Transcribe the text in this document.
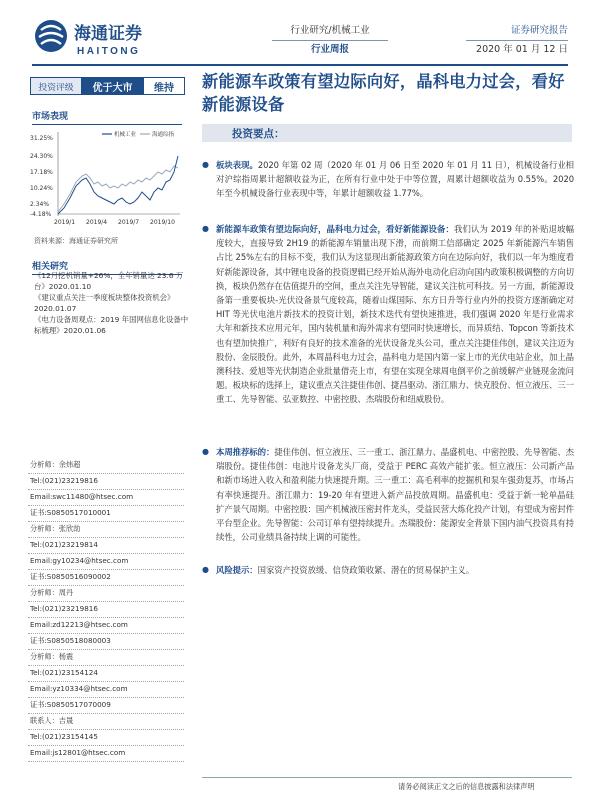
海通证券
HAITONG
行业研究/机械工业
行业周报
证券研究报告
2020 年 01 月 12 日
投资评级	优于大市	维持	新能源车政策有望边际向好，晶科电力过会，看好新能源设备
市场表现
31.25%
24.30%
17.18%
10.24%
2.34%
-4.18%
2019/1 2019/4 2019/7 2019/10
机械工业	海通综指
资料来源：海通证券研究所
相关研究
《12月挖机销量+26%，全年销量达 23.6 万台》2020.01.10
《建议重点关注一季度板块整体投资机会》2020.01.07
《电力设备周观点：2019 年国网信息化设备中标梳理》2020.01.06
分析师：余炜超
Tel:(021)23219816
Email:swc11480@htsec.com
证书:S0850517010001
分析师：张欣劼
Tel:(021)23219814
Email:gy10234@htsec.com
证书:S0850516090002
分析师：周丹
Tel:(021)23219816
Email:zd12213@htsec.com
证书:S0850518080003
分析师：杨震
Tel:(021)23154124
Email:yz10334@htsec.com
证书:S0850517070009
联系人：吉晟
Tel:(021)23154145
Email:js12801@htsec.com
投资要点：
● 板块表现。2020 年第 02 周（2020 年 01 月 06 日至 2020 年 01 月 11 日），机械设备行业相对沪综指周累计超额收益为正，在所有行业中处于中等位置，周累计超额收益为 0.55%。2020 年至今机械设备行业表现中等，年累计超额收益 1.77%。
● 新能源车政策有望边际向好，晶科电力过会，看好新能源设备：我们认为 2019 年的补贴退坡幅度较大，直接导致 2H19 的新能源车销量出现下滑，而前期工信部确定 2025 年新能源汽车销售占比 25%左右的目标不变，我们认为这显现出新能源政策方向在边际向好，我们以一年为维度看好新能源设备，其中锂电设备的投资逻辑已经开始从海外电动化启动向国内政策积极调整的方向切换，板块仍然存在估值提升的空间，重点关注先导智能，建议关注杭可科技。另一方面，新能源设备第一重要板块-光伏设备景气度较高，随着山煤国际、东方日升等行业内外的投资方逐渐确定对 HIT 等光伏电池片新技术的投资计划，新技术迭代有望快速推进，我们强调 2020 年是行业需求大年和新技术应用元年，国内装机量和海外需求有望同时快速增长，而异质结、Topcon 等新技术也有望加快推广，利好有良好的技术准备的光伏设备龙头公司，重点关注捷佳伟创，建议关注迈为股份、金辰股份。此外，本周晶科电力过会，晶科电力是国内第一家上市的光伏电站企业，加上晶澳科技、爱旭等光伏制造企业批量借壳上市，有望在实现全球周电倒平价之前缓解产业链现金流问题。板块标的选择上，建议重点关注捷佳伟创、捷昌驱动、浙江鼎力、快克股份、恒立液压、三一重工、先导智能、弘亚数控、中密控股、杰瑞股份和纽威股份。
● 本周推荐标的：捷佳伟创、恒立液压、三一重工、浙江鼎力、晶盛机电、中密控股、先导智能、杰瑞股份。捷佳伟创：电池片设备龙头厂商，受益于 PERC 高效产能扩张。恒立液压：公司新产品和新市场进入收入和盈利能力快速提升期。三一重工：高毛利率的挖掘机和泵车强劲复苏，市场占有率快速提升。浙江鼎力：19-20 年有望进入新产品投放周期。晶盛机电：受益于新一轮单晶硅扩产景气周期。中密控股：国产机械液压密封件龙头，受益民营大炼化投产计划，有望成为密封件平台型企业。先导智能：公司订单有望持续提升。杰瑞股份：能源安全背景下国内油气投资具有持续性，公司业绩具备持续上调的可能性。
● 风险提示：国家资产投资放缓、信贷政策收紧、潜在的贸易保护主义。
请务必阅读正文之后的信息披露和法律声明
